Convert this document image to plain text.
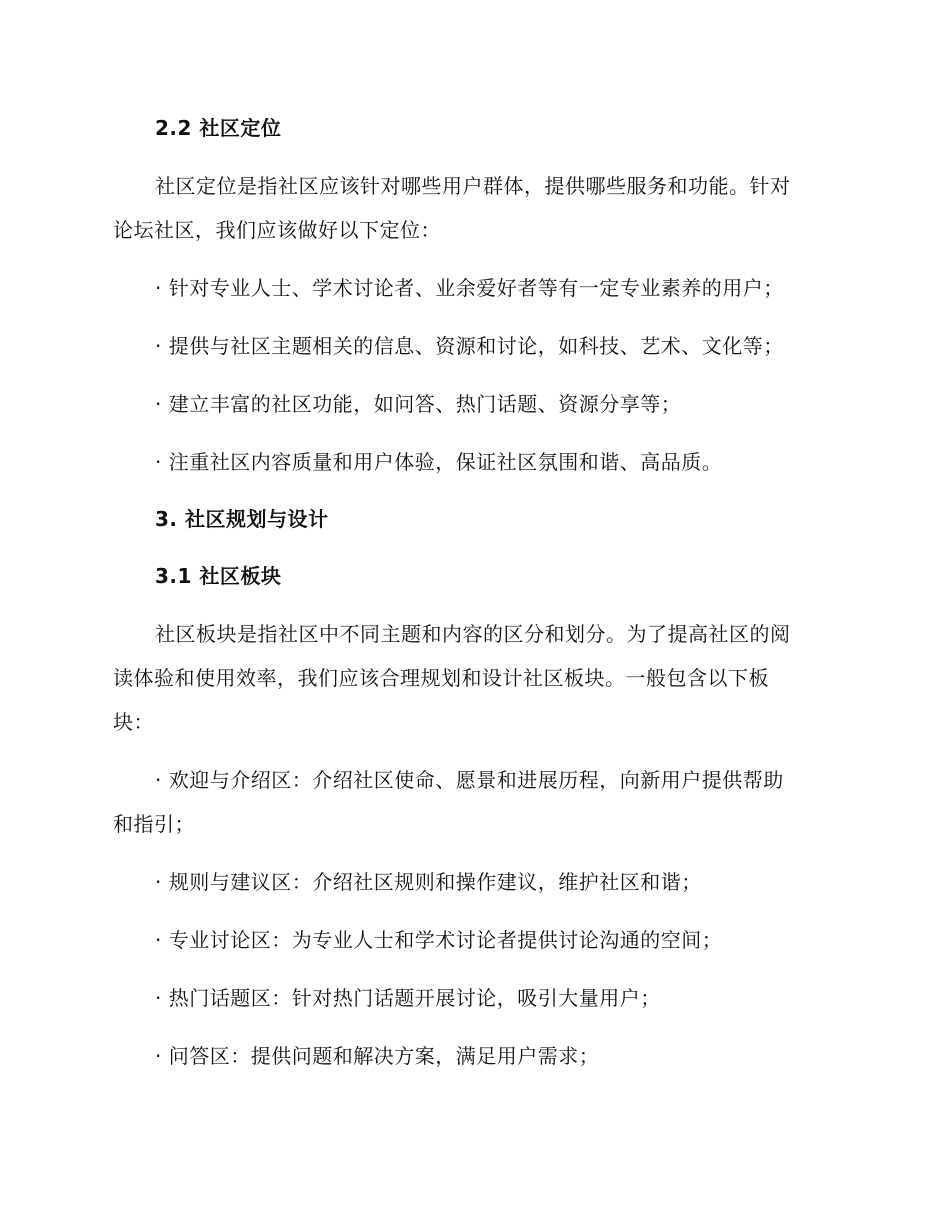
2.2 社区定位
社区定位是指社区应该针对哪些用户群体，提供哪些服务和功能。针对
论坛社区，我们应该做好以下定位：
· 针对专业人士、学术讨论者、业余爱好者等有一定专业素养的用户；
· 提供与社区主题相关的信息、资源和讨论，如科技、艺术、文化等；
· 建立丰富的社区功能，如问答、热门话题、资源分享等；
· 注重社区内容质量和用户体验，保证社区氛围和谐、高品质。
3. 社区规划与设计
3.1 社区板块
社区板块是指社区中不同主题和内容的区分和划分。为了提高社区的阅
读体验和使用效率，我们应该合理规划和设计社区板块。一般包含以下板
块：
· 欢迎与介绍区：介绍社区使命、愿景和进展历程，向新用户提供帮助
和指引；
· 规则与建议区：介绍社区规则和操作建议，维护社区和谐；
· 专业讨论区：为专业人士和学术讨论者提供讨论沟通的空间；
· 热门话题区：针对热门话题开展讨论，吸引大量用户；
· 问答区：提供问题和解决方案，满足用户需求；
